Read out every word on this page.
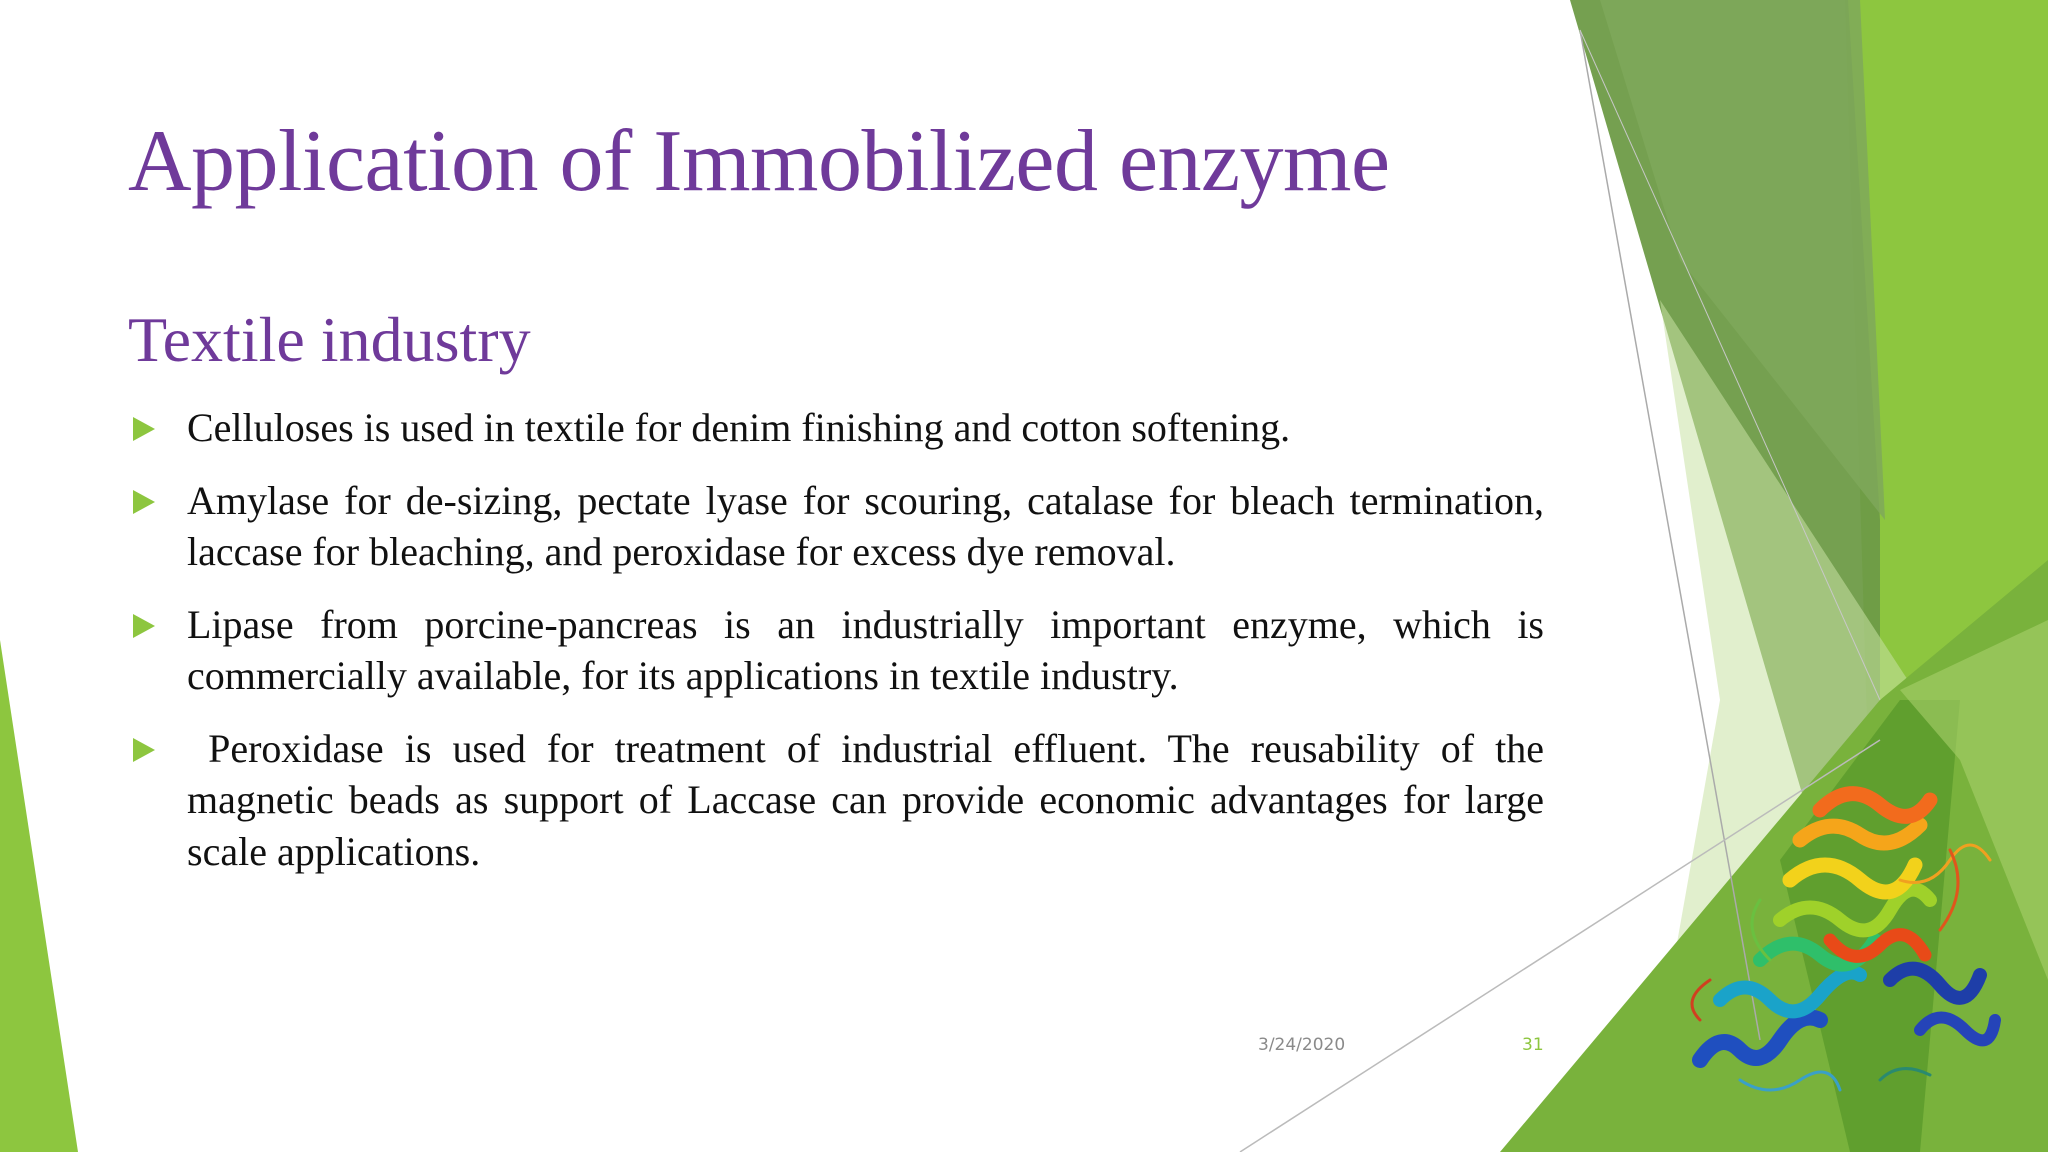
Application of Immobilized enzyme
Textile industry
Celluloses is used in textile for denim finishing and cotton softening.
Amylase for de-sizing, pectate lyase for scouring, catalase for bleach termination, laccase for bleaching, and peroxidase for excess dye removal.
Lipase from porcine-pancreas is an industrially important enzyme, which is commercially available, for its applications in textile industry.
Peroxidase is used for treatment of industrial effluent. The reusability of the magnetic beads as support of Laccase can provide economic advantages for large scale applications.
3/24/2020	31
